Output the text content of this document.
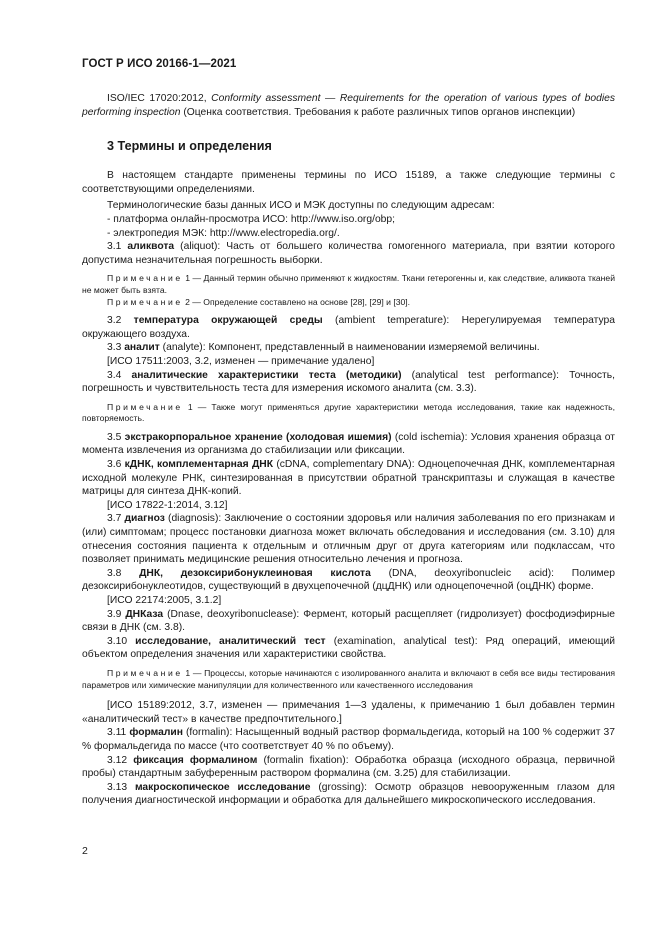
ГОСТ Р ИСО 20166-1—2021

ISO/IEC 17020:2012, Conformity assessment — Requirements for the operation of various types of bodies performing inspection (Оценка соответствия. Требования к работе различных типов органов инспекции)

3 Термины и определения

В настоящем стандарте применены термины по ИСО 15189, а также следующие термины с соответствующими определениями.

Терминологические базы данных ИСО и МЭК доступны по следующим адресам:

- платформа онлайн-просмотра ИСО: http://www.iso.org/obp;

- электропедия МЭК: http://www.electropedia.org/.

3.1 аликвота (aliquot): Часть от большего количества гомогенного материала, при взятии которого допустима незначительная погрешность выборки.

Примечание 1 — Данный термин обычно применяют к жидкостям. Ткани гетерогенны и, как следствие, аликвота тканей не может быть взята.

Примечание 2 — Определение составлено на основе [28], [29] и [30].

3.2 температура окружающей среды (ambient temperature): Нерегулируемая температура окружающего воздуха.

3.3 аналит (analyte): Компонент, представленный в наименовании измеряемой величины.

[ИСО 17511:2003, 3.2, изменен — примечание удалено]

3.4 аналитические характеристики теста (методики) (analytical test performance): Точность, погрешность и чувствительность теста для измерения искомого аналита (см. 3.3).

Примечание 1 — Также могут применяться другие характеристики метода исследования, такие как надежность, повторяемость.

3.5 экстракорпоральное хранение (холодовая ишемия) (cold ischemia): Условия хранения образца от момента извлечения из организма до стабилизации или фиксации.

3.6 кДНК, комплементарная ДНК (cDNA, complementary DNA): Одноцепочечная ДНК, комплементарная исходной молекуле РНК, синтезированная в присутствии обратной транскриптазы и служащая в качестве матрицы для синтеза ДНК-копий.

[ИСО 17822-1:2014, 3.12]

3.7 диагноз (diagnosis): Заключение о состоянии здоровья или наличия заболевания по его признакам и (или) симптомам; процесс постановки диагноза может включать обследования и исследования (см. 3.10) для отнесения состояния пациента к отдельным и отличным друг от друга категориям или подклассам, что позволяет принимать медицинские решения относительно лечения и прогноза.

3.8 ДНК, дезоксирибонуклеиновая кислота (DNA, deoxyribonucleic acid): Полимер дезоксирибонуклеотидов, существующий в двухцепочечной (дцДНК) или одноцепочечной (оцДНК) форме.

[ИСО 22174:2005, 3.1.2]

3.9 ДНКаза (Dnase, deoxyribonuclease): Фермент, который расщепляет (гидролизует) фосфодиэфирные связи в ДНК (см. 3.8).

3.10 исследование, аналитический тест (examination, analytical test): Ряд операций, имеющий объектом определения значения или характеристики свойства.

Примечание 1 — Процессы, которые начинаются с изолированного аналита и включают в себя все виды тестирования параметров или химические манипуляции для количественного или качественного исследования

[ИСО 15189:2012, 3.7, изменен — примечания 1—3 удалены, к примечанию 1 был добавлен термин «аналитический тест» в качестве предпочтительного.]

3.11 формалин (formalin): Насыщенный водный раствор формальдегида, который на 100 % содержит 37 % формальдегида по массе (что соответствует 40 % по объему).

3.12 фиксация формалином (formalin fixation): Обработка образца (исходного образца, первичной пробы) стандартным забуференным раствором формалина (см. 3.25) для стабилизации.

3.13 макроскопическое исследование (grossing): Осмотр образцов невооруженным глазом для получения диагностической информации и обработка для дальнейшего микроскопического исследования.

2
